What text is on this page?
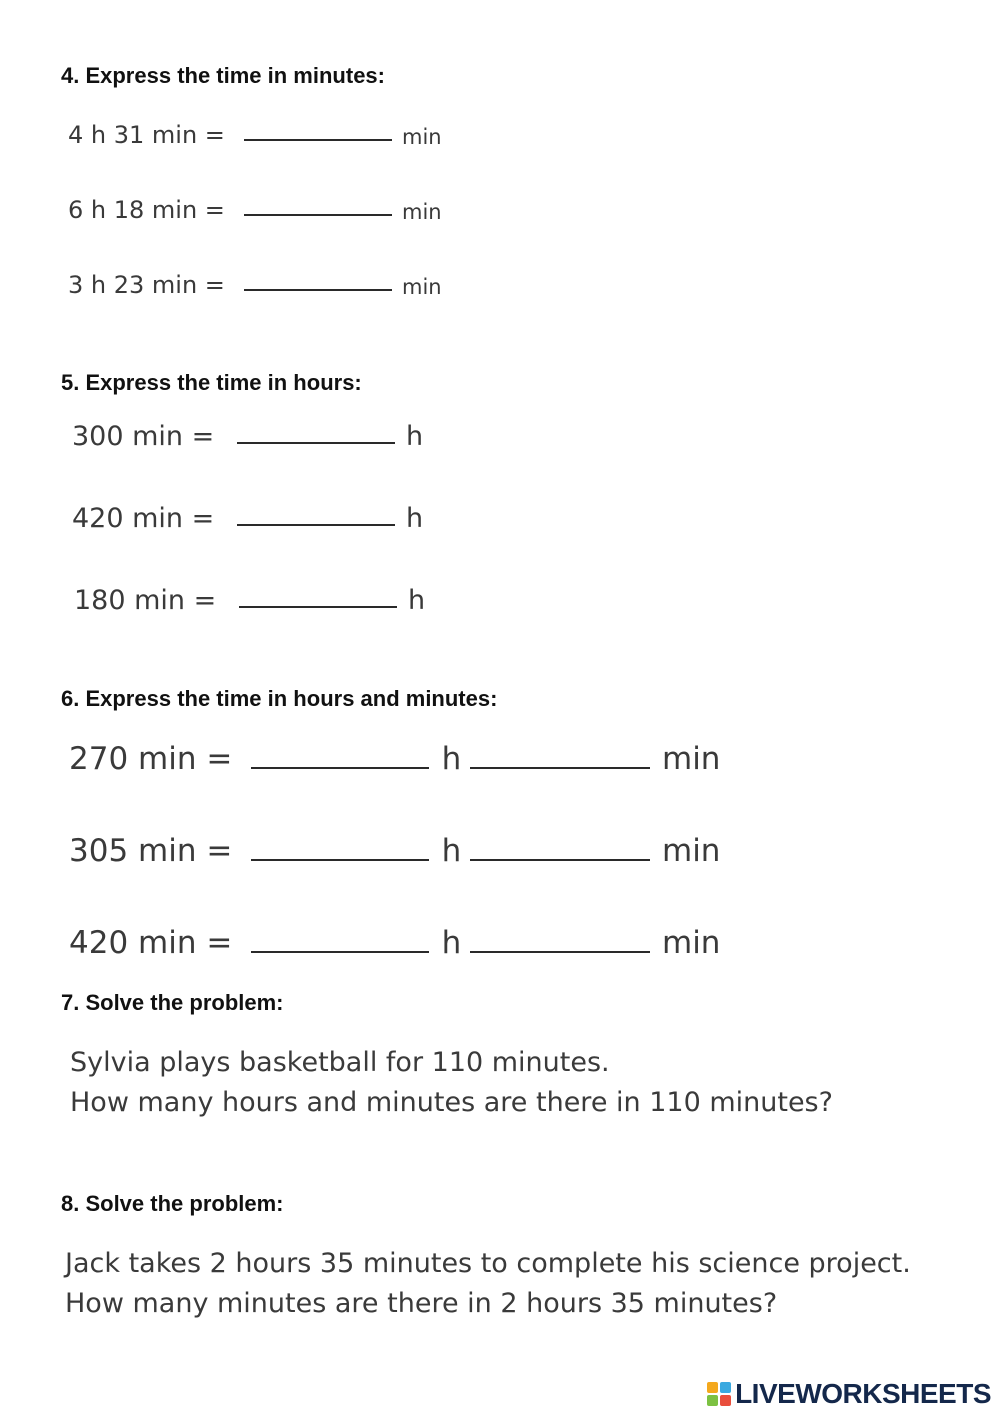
4. Express the time in minutes:
4 h 31 min =	min
6 h 18 min =	min
3 h 23 min =	min
5. Express the time in hours:
300 min =	h
420 min =	h
180 min =	h
6. Express the time in hours and minutes:
270 min =	h	min
305 min =	h	min
420 min =	h	min
7. Solve the problem:
Sylvia plays basketball for 110 minutes.
How many hours and minutes are there in 110 minutes?
8. Solve the problem:
Jack takes 2 hours 35 minutes to complete his science project.
How many minutes are there in 2 hours 35 minutes?
LIVEWORKSHEETS
